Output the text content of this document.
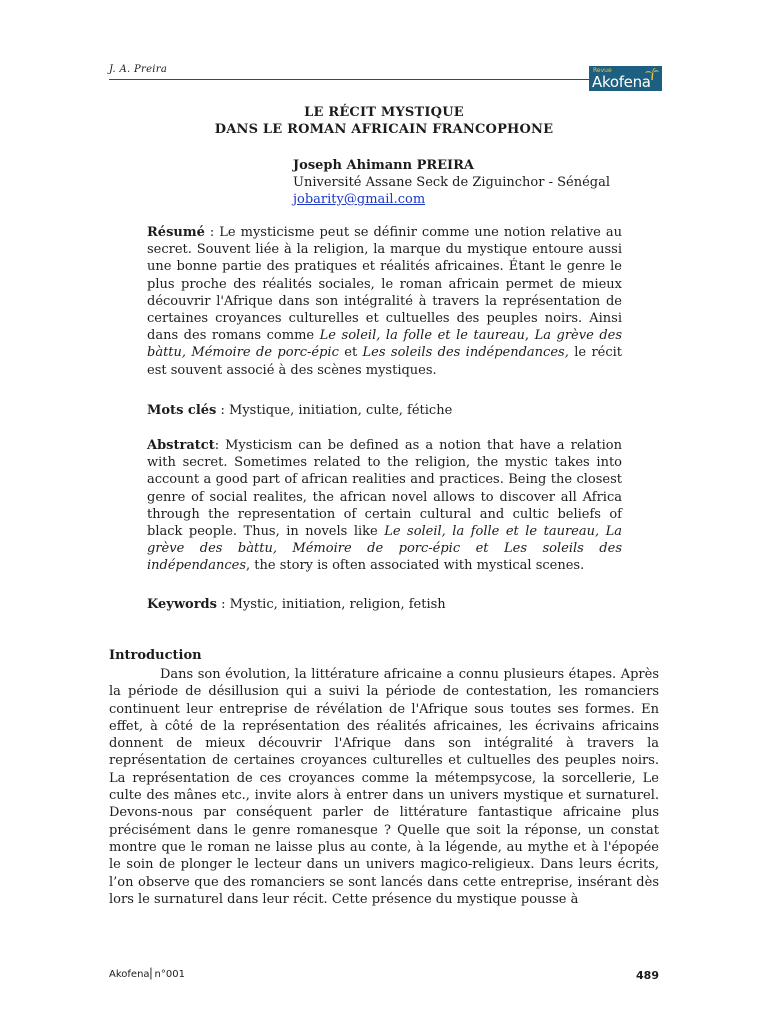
J. A. Preira	Revue
Akofena
LE RÉCIT MYSTIQUE
DANS LE ROMAN AFRICAIN FRANCOPHONE
Joseph Ahimann PREIRA
Université Assane Seck de Ziguinchor - Sénégal
jobarity@gmail.com
Résumé : Le mysticisme peut se définir comme une notion relative au secret. Souvent liée à la religion, la marque du mystique entoure aussi une bonne partie des pratiques et réalités africaines. Étant le genre le plus proche des réalités sociales, le roman africain permet de mieux découvrir l'Afrique dans son intégralité à travers la représentation de certaines croyances culturelles et cultuelles des peuples noirs. Ainsi dans des romans comme Le soleil, la folle et le taureau, La grève des bàttu, Mémoire de porc-épic et Les soleils des indépendances, le récit est souvent associé à des scènes mystiques.
Mots clés : Mystique, initiation, culte, fétiche
Abstratct: Mysticism can be defined as a notion that have a relation with secret. Sometimes related to the religion, the mystic takes into account a good part of african realities and practices. Being the closest genre of social realites, the african novel allows to discover all Africa through the representation of certain cultural and cultic beliefs of black people. Thus, in novels like Le soleil, la folle et le taureau, La grève des bàttu, Mémoire de porc-épic et Les soleils des indépendances, the story is often associated with mystical scenes.
Keywords : Mystic, initiation, religion, fetish
Introduction
Dans son évolution, la littérature africaine a connu plusieurs étapes. Après la période de désillusion qui a suivi la période de contestation, les romanciers continuent leur entreprise de révélation de l'Afrique sous toutes ses formes. En effet, à côté de la représentation des réalités africaines, les écrivains africains donnent de mieux découvrir l'Afrique dans son intégralité à travers la représentation de certaines croyances culturelles et cultuelles des peuples noirs. La représentation de ces croyances comme la métempsycose, la sorcellerie, Le culte des mânes etc., invite alors à entrer dans un univers mystique et surnaturel. Devons-nous par conséquent parler de littérature fantastique africaine plus précisément dans le genre romanesque ? Quelle que soit la réponse, un constat montre que le roman ne laisse plus au conte, à la légende, au mythe et à l'épopée le soin de plonger le lecteur dans un univers magico-religieux. Dans leurs écrits, l’on observe que des romanciers se sont lancés dans cette entreprise, insérant dès lors le surnaturel dans leur récit. Cette présence du mystique pousse à
Akofena⎜n°001	489
